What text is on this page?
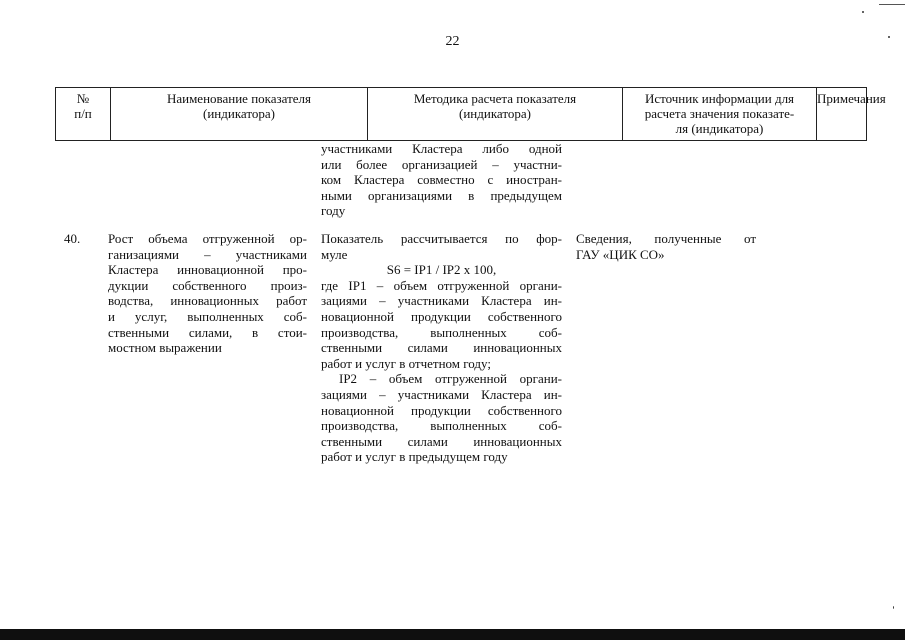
22
№
п/п
Наименование показателя
(индикатора)
Методика расчета показателя
(индикатора)
Источник информации для
расчета значения показате-
ля (индикатора)
Примечания
участниками Кластера либо одной
или более организацией – участни-
ком Кластера совместно с иностран-
ными организациями в предыдущем
году
40.	Рост объема отгруженной ор-
ганизациями – участниками
Кластера инновационной про-
дукции собственного произ-
водства, инновационных работ
и услуг, выполненных соб-
ственными силами, в стои-
мостном выражении
Показатель рассчитывается по фор-
муле
S6 = IP1 / IP2 x 100,
где IP1 – объем отгруженной органи-
зациями – участниками Кластера ин-
новационной продукции собственного
производства, выполненных соб-
ственными силами инновационных
работ и услуг в отчетном году;
IP2 – объем отгруженной органи-
зациями – участниками Кластера ин-
новационной продукции собственного
производства, выполненных соб-
ственными силами инновационных
работ и услуг в предыдущем году
Сведения, полученные от
ГАУ «ЦИК СО»
